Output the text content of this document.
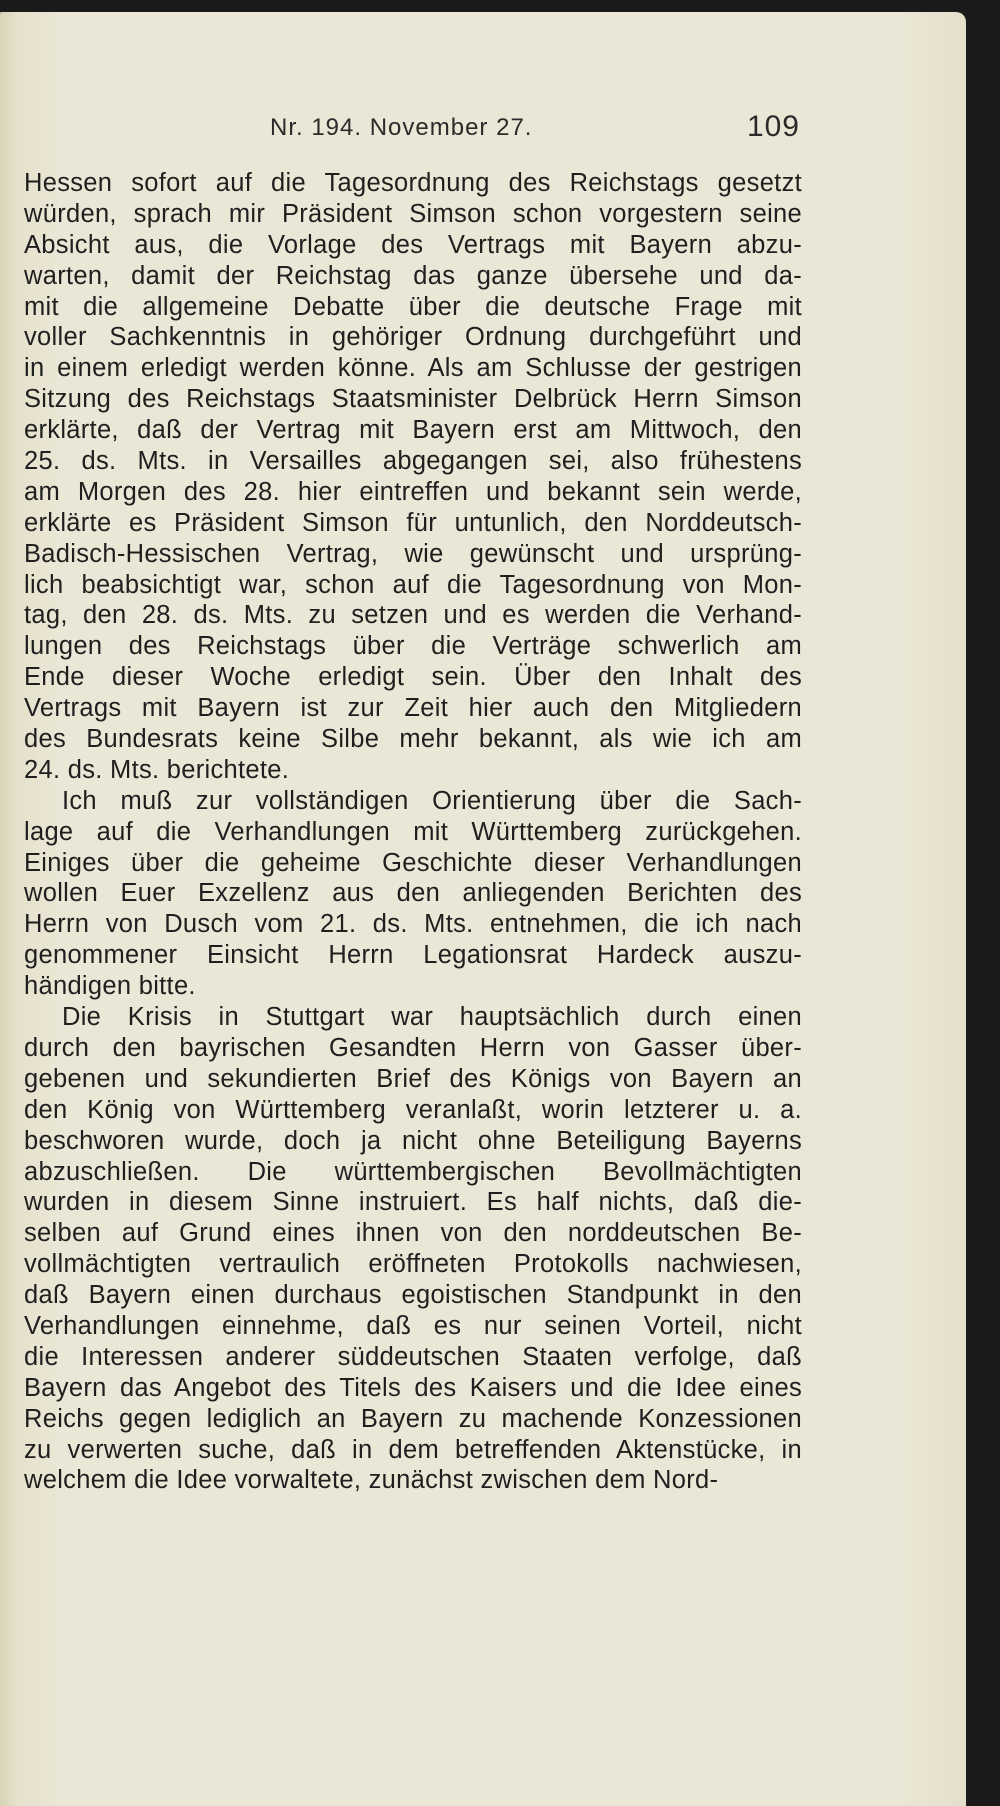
Nr. 194. November 27.	109
Hessen sofort auf die Tagesordnung des Reichstags gesetzt
würden, sprach mir Präsident Simson schon vorgestern seine
Absicht aus, die Vorlage des Vertrags mit Bayern abzu-
warten, damit der Reichstag das ganze übersehe und da-
mit die allgemeine Debatte über die deutsche Frage mit
voller Sachkenntnis in gehöriger Ordnung durchgeführt und
in einem erledigt werden könne. Als am Schlusse der gestrigen
Sitzung des Reichstags Staatsminister Delbrück Herrn Simson
erklärte, daß der Vertrag mit Bayern erst am Mittwoch, den
25. ds. Mts. in Versailles abgegangen sei, also frühestens
am Morgen des 28. hier eintreffen und bekannt sein werde,
erklärte es Präsident Simson für untunlich, den Norddeutsch-
Badisch-Hessischen Vertrag, wie gewünscht und ursprüng-
lich beabsichtigt war, schon auf die Tagesordnung von Mon-
tag, den 28. ds. Mts. zu setzen und es werden die Verhand-
lungen des Reichstags über die Verträge schwerlich am
Ende dieser Woche erledigt sein. Über den Inhalt des
Vertrags mit Bayern ist zur Zeit hier auch den Mitgliedern
des Bundesrats keine Silbe mehr bekannt, als wie ich am
24. ds. Mts. berichtete.
Ich muß zur vollständigen Orientierung über die Sach-
lage auf die Verhandlungen mit Württemberg zurückgehen.
Einiges über die geheime Geschichte dieser Verhandlungen
wollen Euer Exzellenz aus den anliegenden Berichten des
Herrn von Dusch vom 21. ds. Mts. entnehmen, die ich nach
genommener Einsicht Herrn Legationsrat Hardeck auszu-
händigen bitte.
Die Krisis in Stuttgart war hauptsächlich durch einen
durch den bayrischen Gesandten Herrn von Gasser über-
gebenen und sekundierten Brief des Königs von Bayern an
den König von Württemberg veranlaßt, worin letzterer u. a.
beschworen wurde, doch ja nicht ohne Beteiligung Bayerns
abzuschließen. Die württembergischen Bevollmächtigten
wurden in diesem Sinne instruiert. Es half nichts, daß die-
selben auf Grund eines ihnen von den norddeutschen Be-
vollmächtigten vertraulich eröffneten Protokolls nachwiesen,
daß Bayern einen durchaus egoistischen Standpunkt in den
Verhandlungen einnehme, daß es nur seinen Vorteil, nicht
die Interessen anderer süddeutschen Staaten verfolge, daß
Bayern das Angebot des Titels des Kaisers und die Idee eines
Reichs gegen lediglich an Bayern zu machende Konzessionen
zu verwerten suche, daß in dem betreffenden Aktenstücke, in
welchem die Idee vorwaltete, zunächst zwischen dem Nord-
